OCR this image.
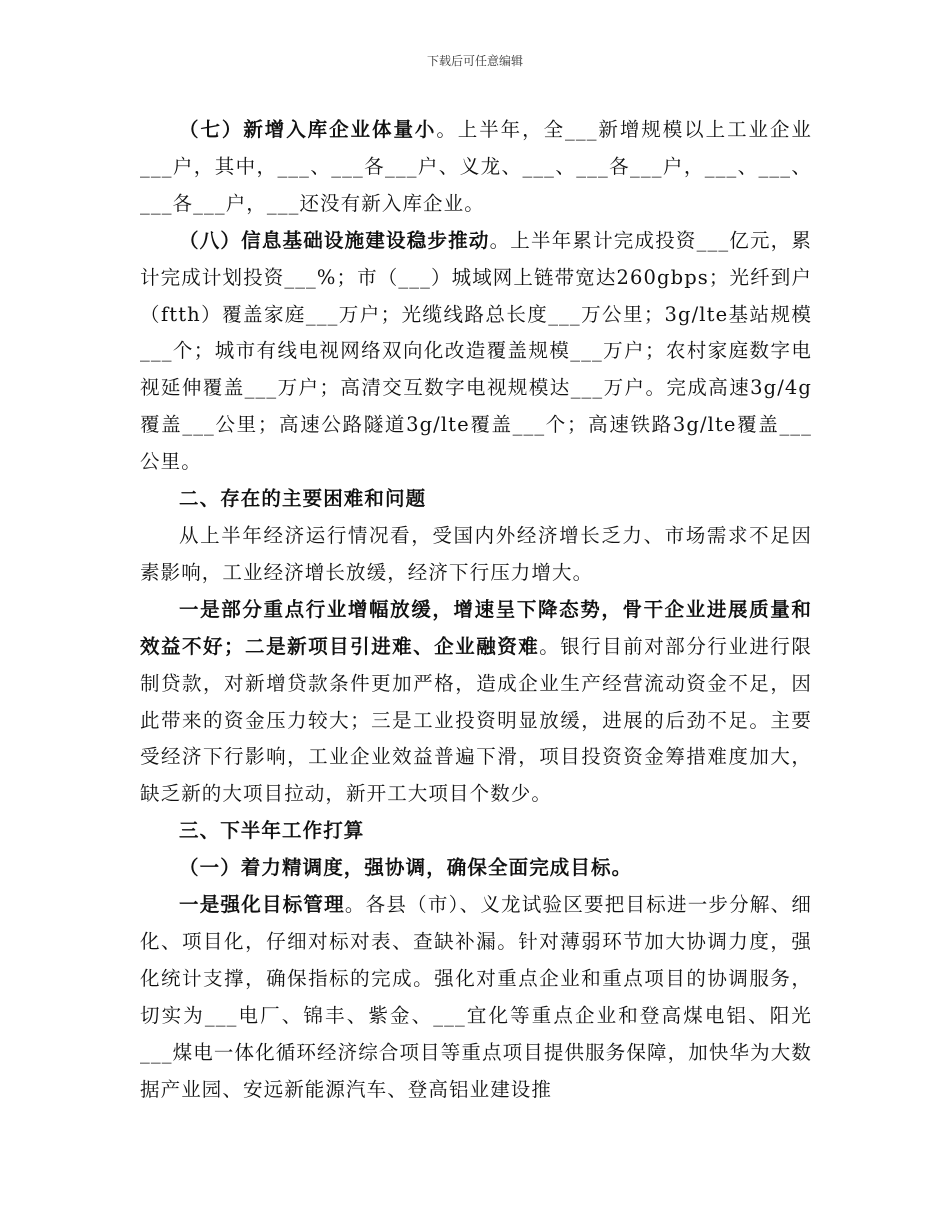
下载后可任意编辑

（七）新增入库企业体量小。上半年，全___新增规模以上工业企业___户，其中，___、___各___户、义龙、___、___各___户，___、___、___各___户，___还没有新入库企业。

（八）信息基础设施建设稳步推动。上半年累计完成投资___亿元，累计完成计划投资___%；市（___）城域网上链带宽达260gbps；光纤到户（ftth）覆盖家庭___万户；光缆线路总长度___万公里；3g/lte基站规模___个；城市有线电视网络双向化改造覆盖规模___万户；农村家庭数字电视延伸覆盖___万户；高清交互数字电视规模达___万户。完成高速3g/4g覆盖___公里；高速公路隧道3g/lte覆盖___个；高速铁路3g/lte覆盖___公里。

二、存在的主要困难和问题

从上半年经济运行情况看，受国内外经济增长乏力、市场需求不足因素影响，工业经济增长放缓，经济下行压力增大。

一是部分重点行业增幅放缓，增速呈下降态势，骨干企业进展质量和效益不好；二是新项目引进难、企业融资难。银行目前对部分行业进行限制贷款，对新增贷款条件更加严格，造成企业生产经营流动资金不足，因此带来的资金压力较大；三是工业投资明显放缓，进展的后劲不足。主要受经济下行影响，工业企业效益普遍下滑，项目投资资金筹措难度加大，缺乏新的大项目拉动，新开工大项目个数少。

三、下半年工作打算

（一）着力精调度，强协调，确保全面完成目标。

一是强化目标管理。各县（市）、义龙试验区要把目标进一步分解、细化、项目化，仔细对标对表、查缺补漏。针对薄弱环节加大协调力度，强化统计支撑，确保指标的完成。强化对重点企业和重点项目的协调服务，切实为___电厂、锦丰、紫金、___宜化等重点企业和登高煤电铝、阳光___煤电一体化循环经济综合项目等重点项目提供服务保障，加快华为大数据产业园、安远新能源汽车、登高铝业建设推
